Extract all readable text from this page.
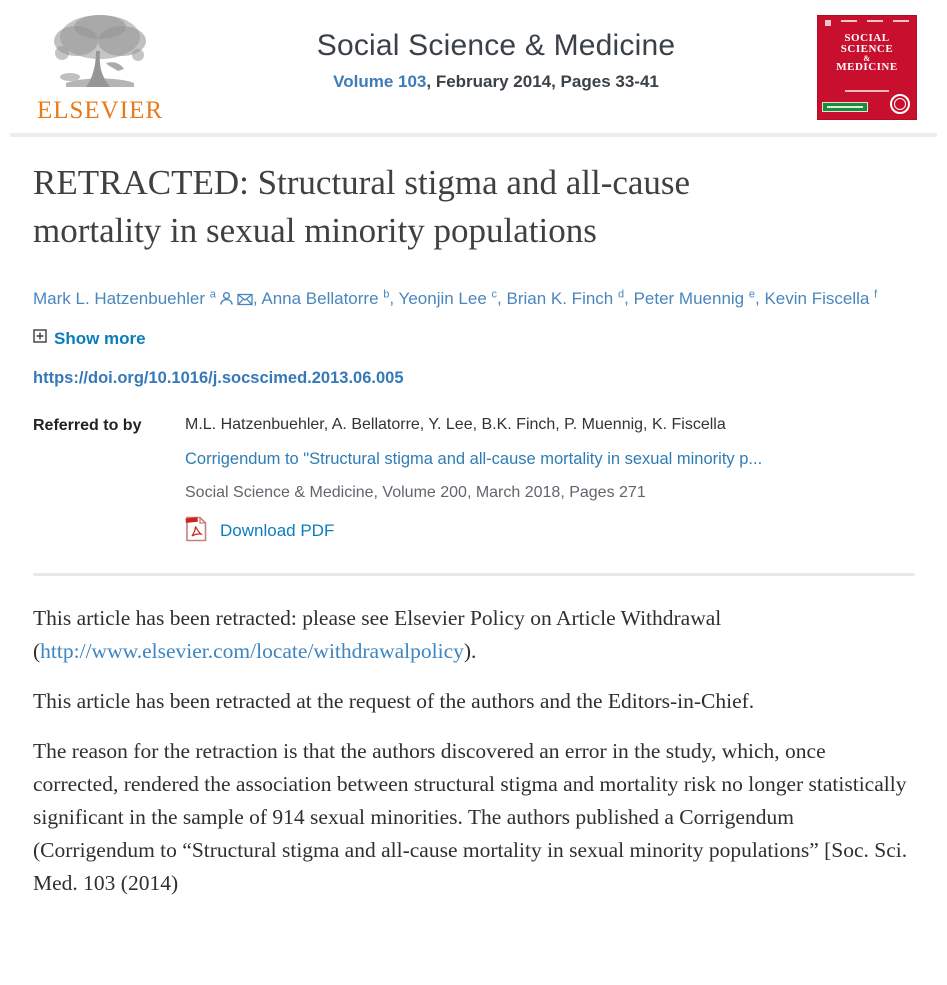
ELSEVIER
Social Science & Medicine
Volume 103, February 2014, Pages 33-41
SOCIAL
SCIENCE
&
MEDICINE

RETRACTED: Structural stigma and all-cause mortality in sexual minority populations
Mark L. Hatzenbuehler $^a$ , Anna Bellatorre $^b$, Yeonjin Lee $^c$, Brian K. Finch $^d$, Peter Muennig $^e$, Kevin Fiscella $^f$
Show more
https://doi.org/10.1016/j.socscimed.2013.06.005
Referred to by	M.L. Hatzenbuehler, A. Bellatorre, Y. Lee, B.K. Finch, P. Muennig, K. Fiscella
Corrigendum to "Structural stigma and all-cause mortality in sexual minority p...
Social Science & Medicine, Volume 200, March 2018, Pages 271
Download PDF

This article has been retracted: please see Elsevier Policy on Article Withdrawal (http://www.elsevier.com/locate/withdrawalpolicy).

This article has been retracted at the request of the authors and the Editors-in-Chief.

The reason for the retraction is that the authors discovered an error in the study, which, once corrected, rendered the association between structural stigma and mortality risk no longer statistically significant in the sample of 914 sexual minorities. The authors published a Corrigendum (Corrigendum to “Structural stigma and all-cause mortality in sexual minority populations” [Soc. Sci. Med. 103 (2014)
